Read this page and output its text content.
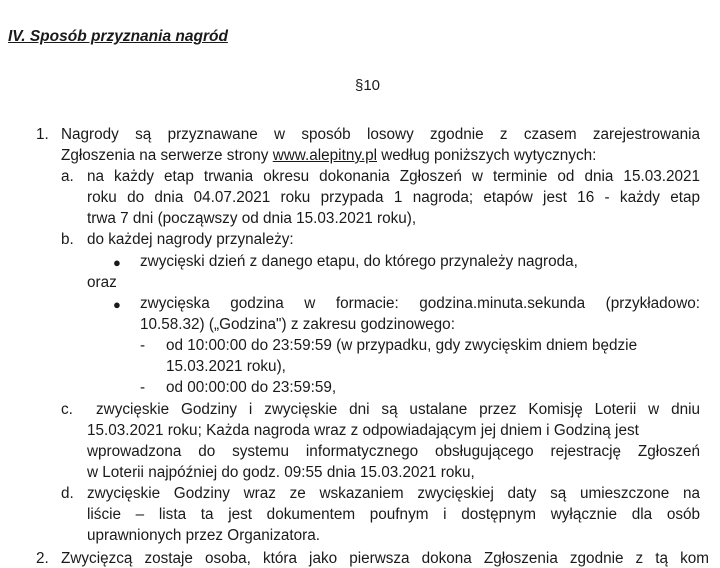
IV. Sposób przyznania nagród
§10
1. Nagrody są przyznawane w sposób losowy zgodnie z czasem zarejestrowania
Zgłoszenia na serwerze strony www.alepitny.pl według poniższych wytycznych:
a. na każdy etap trwania okresu dokonania Zgłoszeń w terminie od dnia 15.03.2021
roku do dnia 04.07.2021 roku przypada 1 nagroda; etapów jest 16 - każdy etap
trwa 7 dni (począwszy od dnia 15.03.2021 roku),
b. do każdej nagrody przynależy:
● zwycięski dzień z danego etapu, do którego przynależy nagroda,
oraz
● zwycięska godzina w formacie: godzina.minuta.sekunda (przykładowo:
10.58.32) („Godzina") z zakresu godzinowego:
- od 10:00:00 do 23:59:59 (w przypadku, gdy zwycięskim dniem będzie
15.03.2021 roku),
- od 00:00:00 do 23:59:59,
c. zwycięskie Godziny i zwycięskie dni są ustalane przez Komisję Loterii w dniu
15.03.2021 roku; Każda nagroda wraz z odpowiadającym jej dniem i Godziną jest
wprowadzona do systemu informatycznego obsługującego rejestrację Zgłoszeń
w Loterii najpóźniej do godz. 09:55 dnia 15.03.2021 roku,
d. zwycięskie Godziny wraz ze wskazaniem zwycięskiej daty są umieszczone na
liście – lista ta jest dokumentem poufnym i dostępnym wyłącznie dla osób
uprawnionych przez Organizatora.
2. Zwycięzcą zostaje osoba, która jako pierwsza dokona Zgłoszenia zgodnie z tą kom
